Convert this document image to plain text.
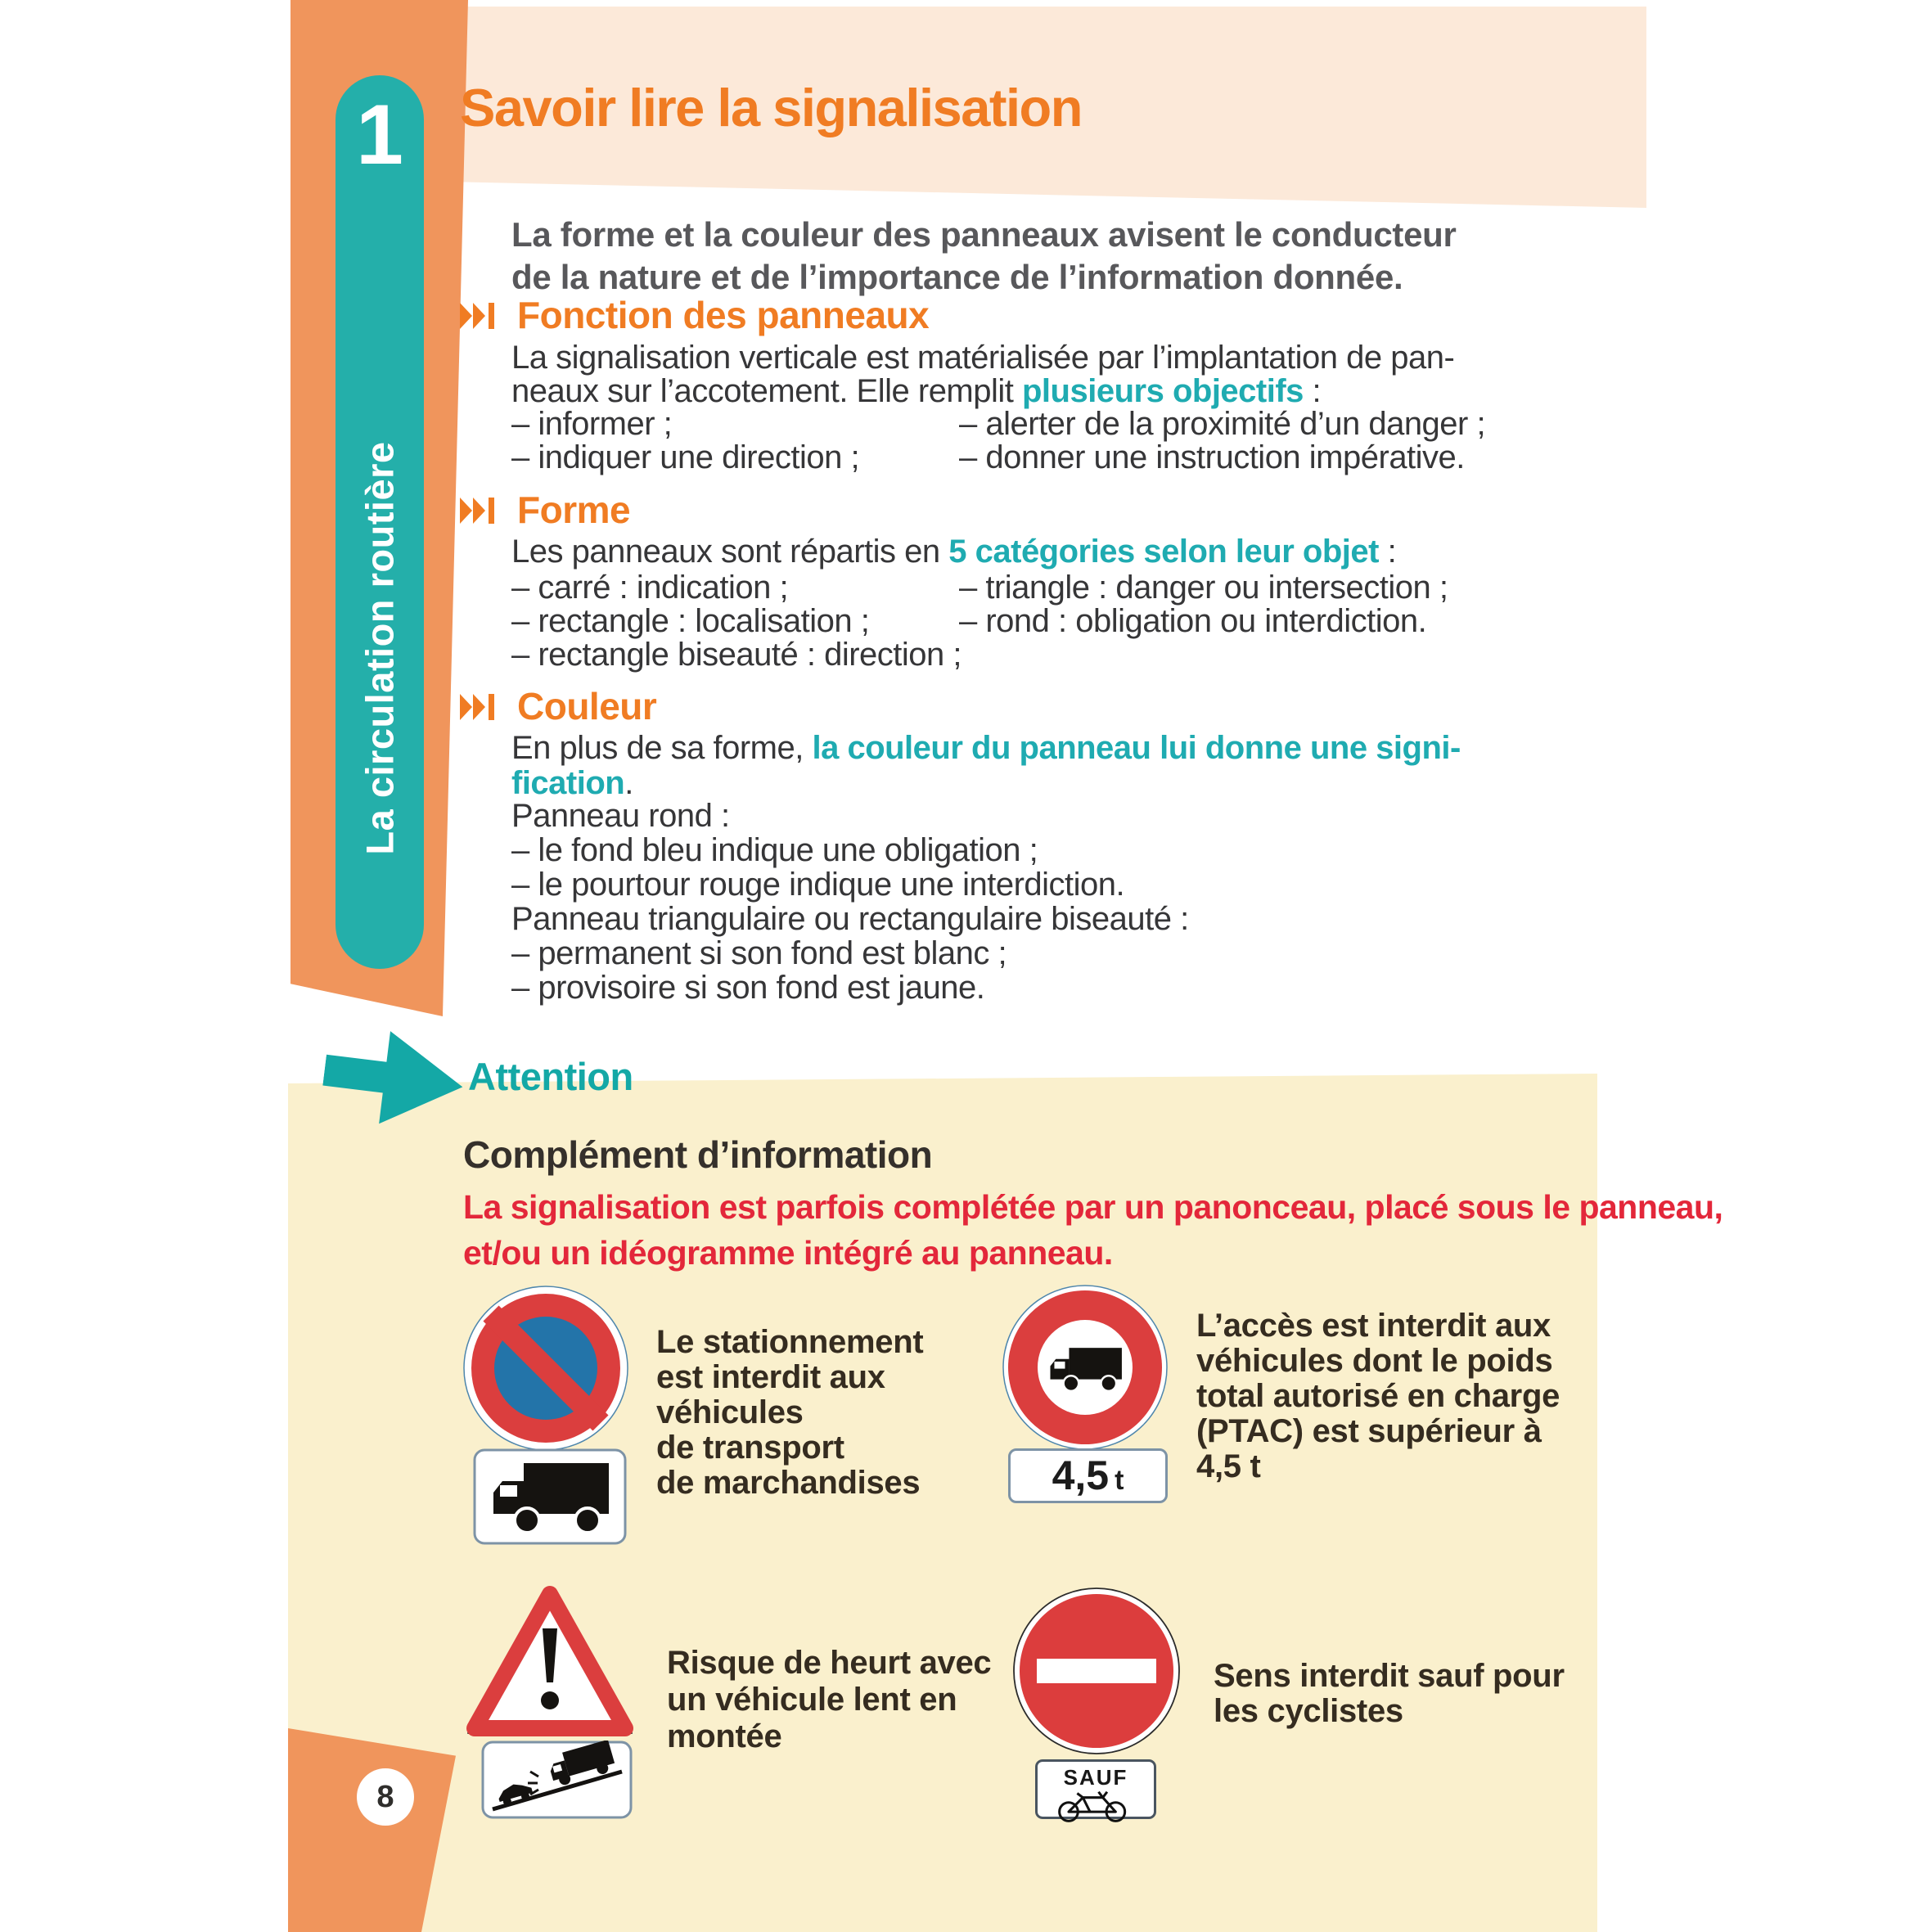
1
La circulation routière
Savoir lire la signalisation
La forme et la couleur des panneaux avisent le conducteur
de la nature et de l’importance de l’information donnée.
Fonction des panneaux
La signalisation verticale est matérialisée par l’implantation de pan-
neaux sur l’accotement. Elle remplit plusieurs objectifs :
– informer ;
– indiquer une direction ;
– alerter de la proximité d’un danger ;
– donner une instruction impérative.
Forme
Les panneaux sont répartis en 5 catégories selon leur objet :
– carré : indication ;
– rectangle : localisation ;
– rectangle biseauté : direction ;
– triangle : danger ou intersection ;
– rond : obligation ou interdiction.
Couleur
En plus de sa forme, la couleur du panneau lui donne une signi-
fication.
Panneau rond :
– le fond bleu indique une obligation ;
– le pourtour rouge indique une interdiction.
Panneau triangulaire ou rectangulaire biseauté :
– permanent si son fond est blanc ;
– provisoire si son fond est jaune.
Attention
Complément d’information
La signalisation est parfois complétée par un panonceau, placé sous le panneau,
et/ou un idéogramme intégré au panneau.
Le stationnement
est interdit aux
véhicules
de transport
de marchandises	4,5 t
L’accès est interdit aux
véhicules dont le poids
total autorisé en charge
(PTAC) est supérieur à
4,5 t
Risque de heurt avec
un véhicule lent en
montée
SAUF
Sens interdit sauf pour
les cyclistes
8
